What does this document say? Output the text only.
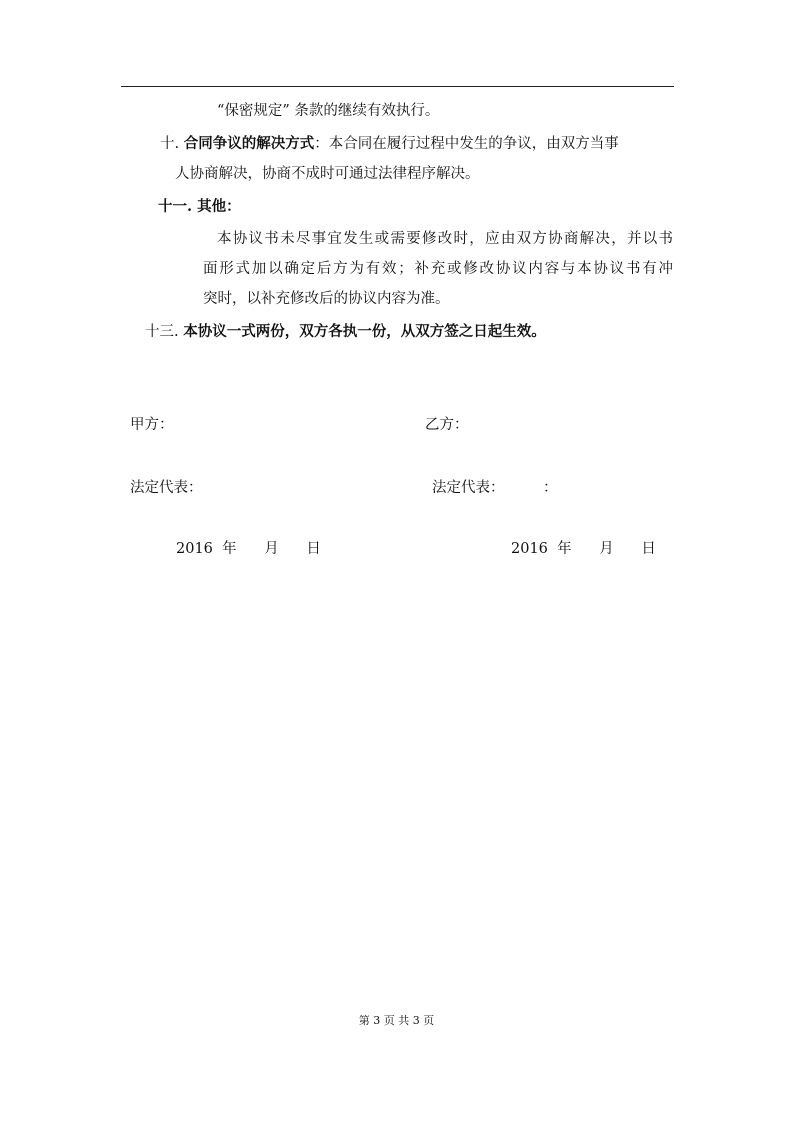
“保密规定” 条款的继续有效执行。
十. 合同争议的解决方式：本合同在履行过程中发生的争议，由双方当事
人协商解决，协商不成时可通过法律程序解决。
十一. 其他：
本协议书未尽事宜发生或需要修改时，应由双方协商解决，并以书
面形式加以确定后方为有效；补充或修改协议内容与本协议书有冲
突时，以补充修改后的协议内容为准。
十三. 本协议一式两份，双方各执一份，从双方签之日起生效。
甲方：	乙方：
法定代表：	法定代表：	：
2016  年      月      日	2016  年      月      日
第 3 页 共 3 页
